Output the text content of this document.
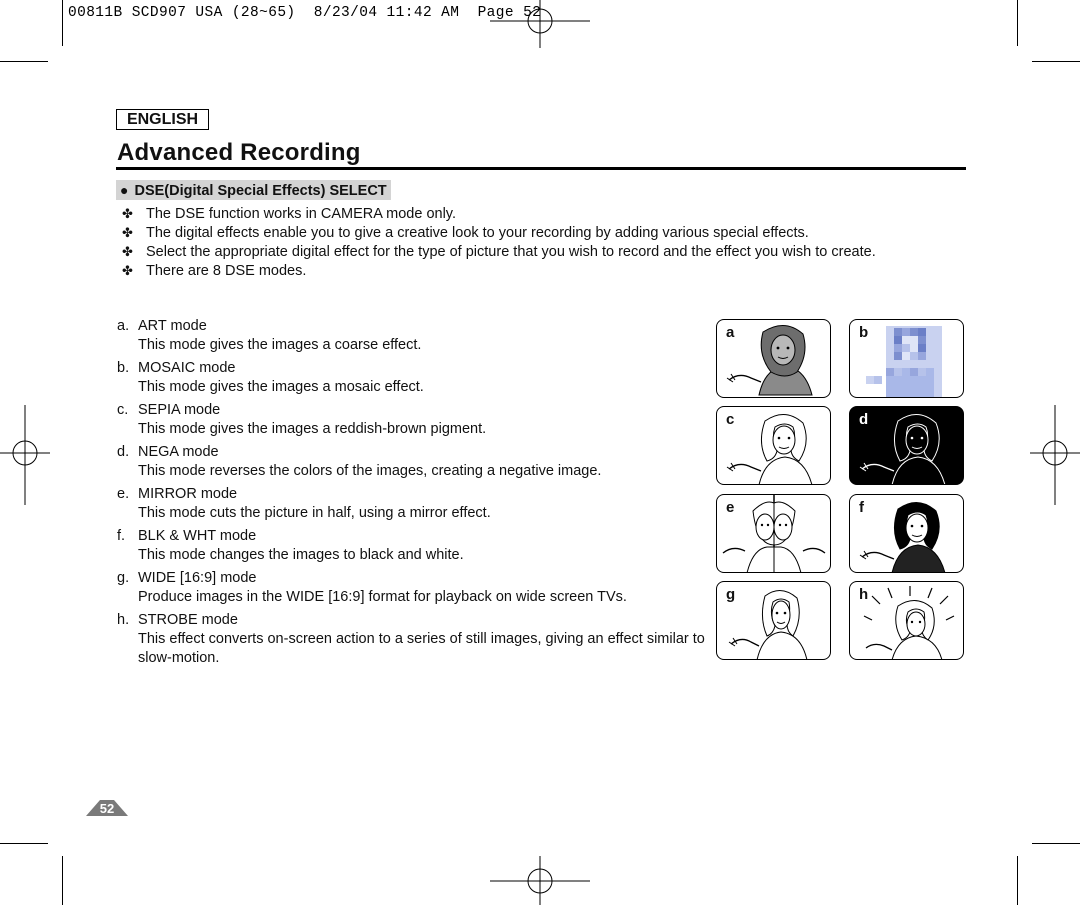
00811B SCD907 USA (28~65)  8/23/04 11:42 AM  Page 52
ENGLISH
Advanced Recording
● DSE(Digital Special Effects) SELECT
✤ The DSE function works in CAMERA mode only.
✤ The digital effects enable you to give a creative look to your recording by adding various special effects.
✤ Select the appropriate digital effect for the type of picture that you wish to record and the effect you wish to create.
✤ There are 8 DSE modes.
a. ART mode
This mode gives the images a coarse effect.
b. MOSAIC mode
This mode gives the images a mosaic effect.
c. SEPIA mode
This mode gives the images a reddish-brown pigment.
d. NEGA mode
This mode reverses the colors of the images, creating a negative image.
e. MIRROR mode
This mode cuts the picture in half, using a mirror effect.
f. BLK & WHT mode
This mode changes the images to black and white.
g. WIDE [16:9] mode
Produce images in the WIDE [16:9] format for playback on wide screen TVs.
h. STROBE mode
This effect converts on-screen action to a series of still images, giving an effect similar to slow-motion.
a	b
c	d
e	f
g	h
52
